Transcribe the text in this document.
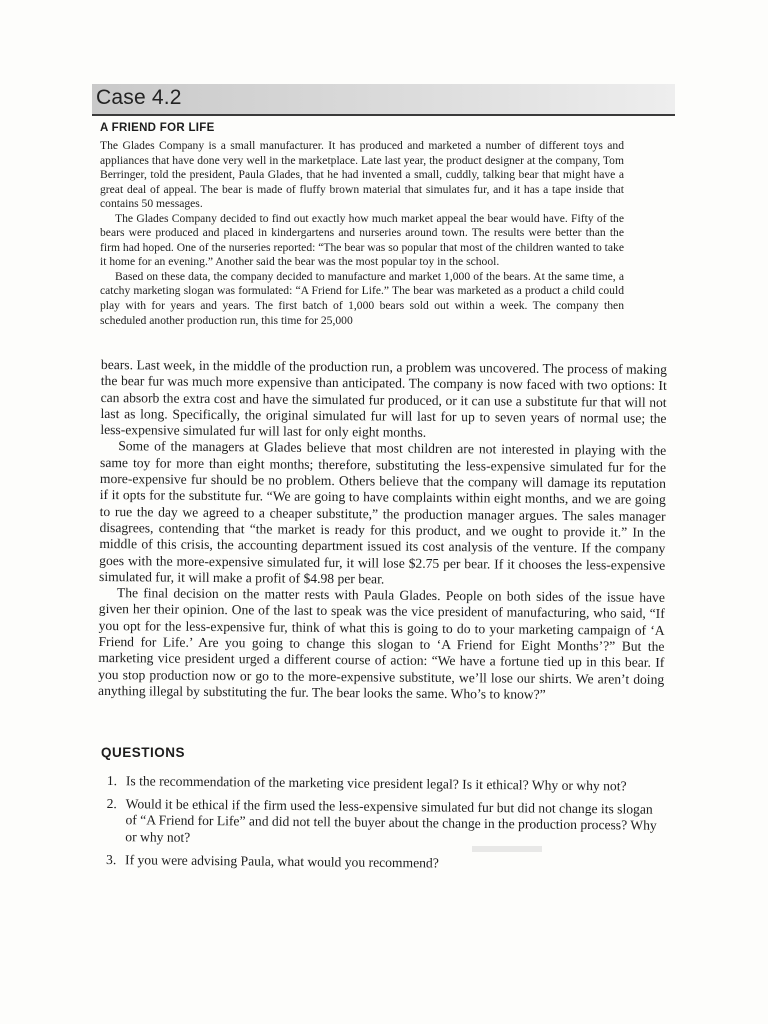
Case 4.2
A FRIEND FOR LIFE

The Glades Company is a small manufacturer. It has produced and marketed a number of different toys and appliances that have done very well in the marketplace. Late last year, the product designer at the company, Tom Berringer, told the president, Paula Glades, that he had invented a small, cuddly, talking bear that might have a great deal of appeal. The bear is made of fluffy brown material that simulates fur, and it has a tape inside that contains 50 messages.

The Glades Company decided to find out exactly how much market appeal the bear would have. Fifty of the bears were produced and placed in kindergartens and nurseries around town. The results were better than the firm had hoped. One of the nurseries reported: “The bear was so popular that most of the children wanted to take it home for an evening.” Another said the bear was the most popular toy in the school.

Based on these data, the company decided to manufacture and market 1,000 of the bears. At the same time, a catchy marketing slogan was formulated: “A Friend for Life.” The bear was marketed as a product a child could play with for years and years. The first batch of 1,000 bears sold out within a week. The company then scheduled another production run, this time for 25,000

bears. Last week, in the middle of the production run, a problem was uncovered. The process of making the bear fur was much more expensive than anticipated. The company is now faced with two options: It can absorb the extra cost and have the simulated fur produced, or it can use a substitute fur that will not last as long. Specifically, the original simulated fur will last for up to seven years of normal use; the less-expensive simulated fur will last for only eight months.

Some of the managers at Glades believe that most children are not interested in playing with the same toy for more than eight months; therefore, substituting the less-expensive simulated fur for the more-expensive fur should be no problem. Others believe that the company will damage its reputation if it opts for the substitute fur. “We are going to have complaints within eight months, and we are going to rue the day we agreed to a cheaper substitute,” the production manager argues. The sales manager disagrees, contending that “the market is ready for this product, and we ought to provide it.” In the middle of this crisis, the accounting department issued its cost analysis of the venture. If the company goes with the more-expensive simulated fur, it will lose $2.75 per bear. If it chooses the less-expensive simulated fur, it will make a profit of $4.98 per bear.

The final decision on the matter rests with Paula Glades. People on both sides of the issue have given her their opinion. One of the last to speak was the vice president of manufacturing, who said, “If you opt for the less-expensive fur, think of what this is going to do to your marketing campaign of ‘A Friend for Life.’ Are you going to change this slogan to ‘A Friend for Eight Months’?” But the marketing vice president urged a different course of action: “We have a fortune tied up in this bear. If you stop production now or go to the more-expensive substitute, we’ll lose our shirts. We aren’t doing anything illegal by substituting the fur. The bear looks the same. Who’s to know?”

QUESTIONS
1. Is the recommendation of the marketing vice president legal? Is it ethical? Why or why not?
2. Would it be ethical if the firm used the less-expensive simulated fur but did not change its slogan of “A Friend for Life” and did not tell the buyer about the change in the production process? Why or why not?
3. If you were advising Paula, what would you recommend?
